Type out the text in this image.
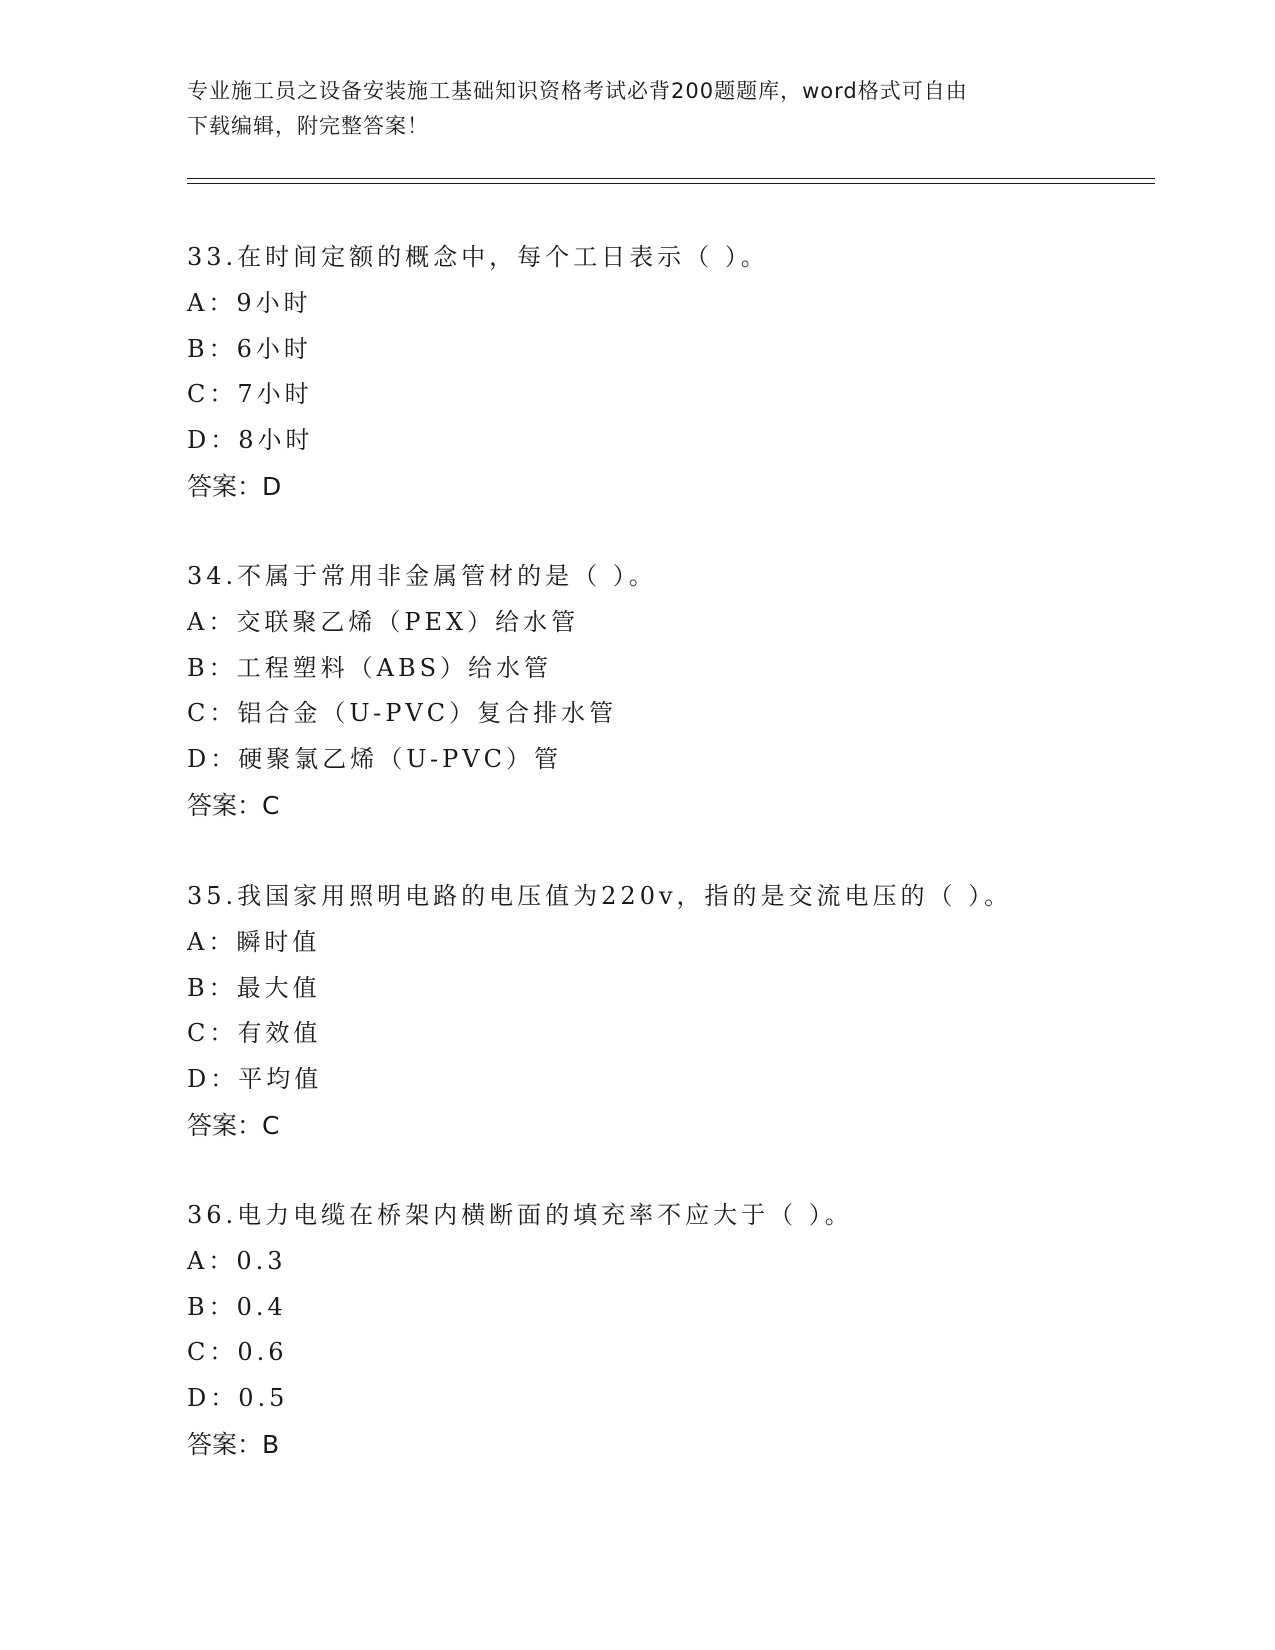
专业施工员之设备安装施工基础知识资格考试必背200题题库，word格式可自由
下载编辑，附完整答案！
33.在时间定额的概念中，每个工日表示（ ）。
A：9小时
B：6小时
C：7小时
D：8小时
答案：D
34.不属于常用非金属管材的是（ ）。
A：交联聚乙烯（PEX）给水管
B：工程塑料（ABS）给水管
C：铝合金（U-PVC）复合排水管
D：硬聚氯乙烯（U-PVC）管
答案：C
35.我国家用照明电路的电压值为220v，指的是交流电压的（ ）。
A：瞬时值
B：最大值
C：有效值
D：平均值
答案：C
36.电力电缆在桥架内横断面的填充率不应大于（ ）。
A：0.3
B：0.4
C：0.6
D：0.5
答案：B
